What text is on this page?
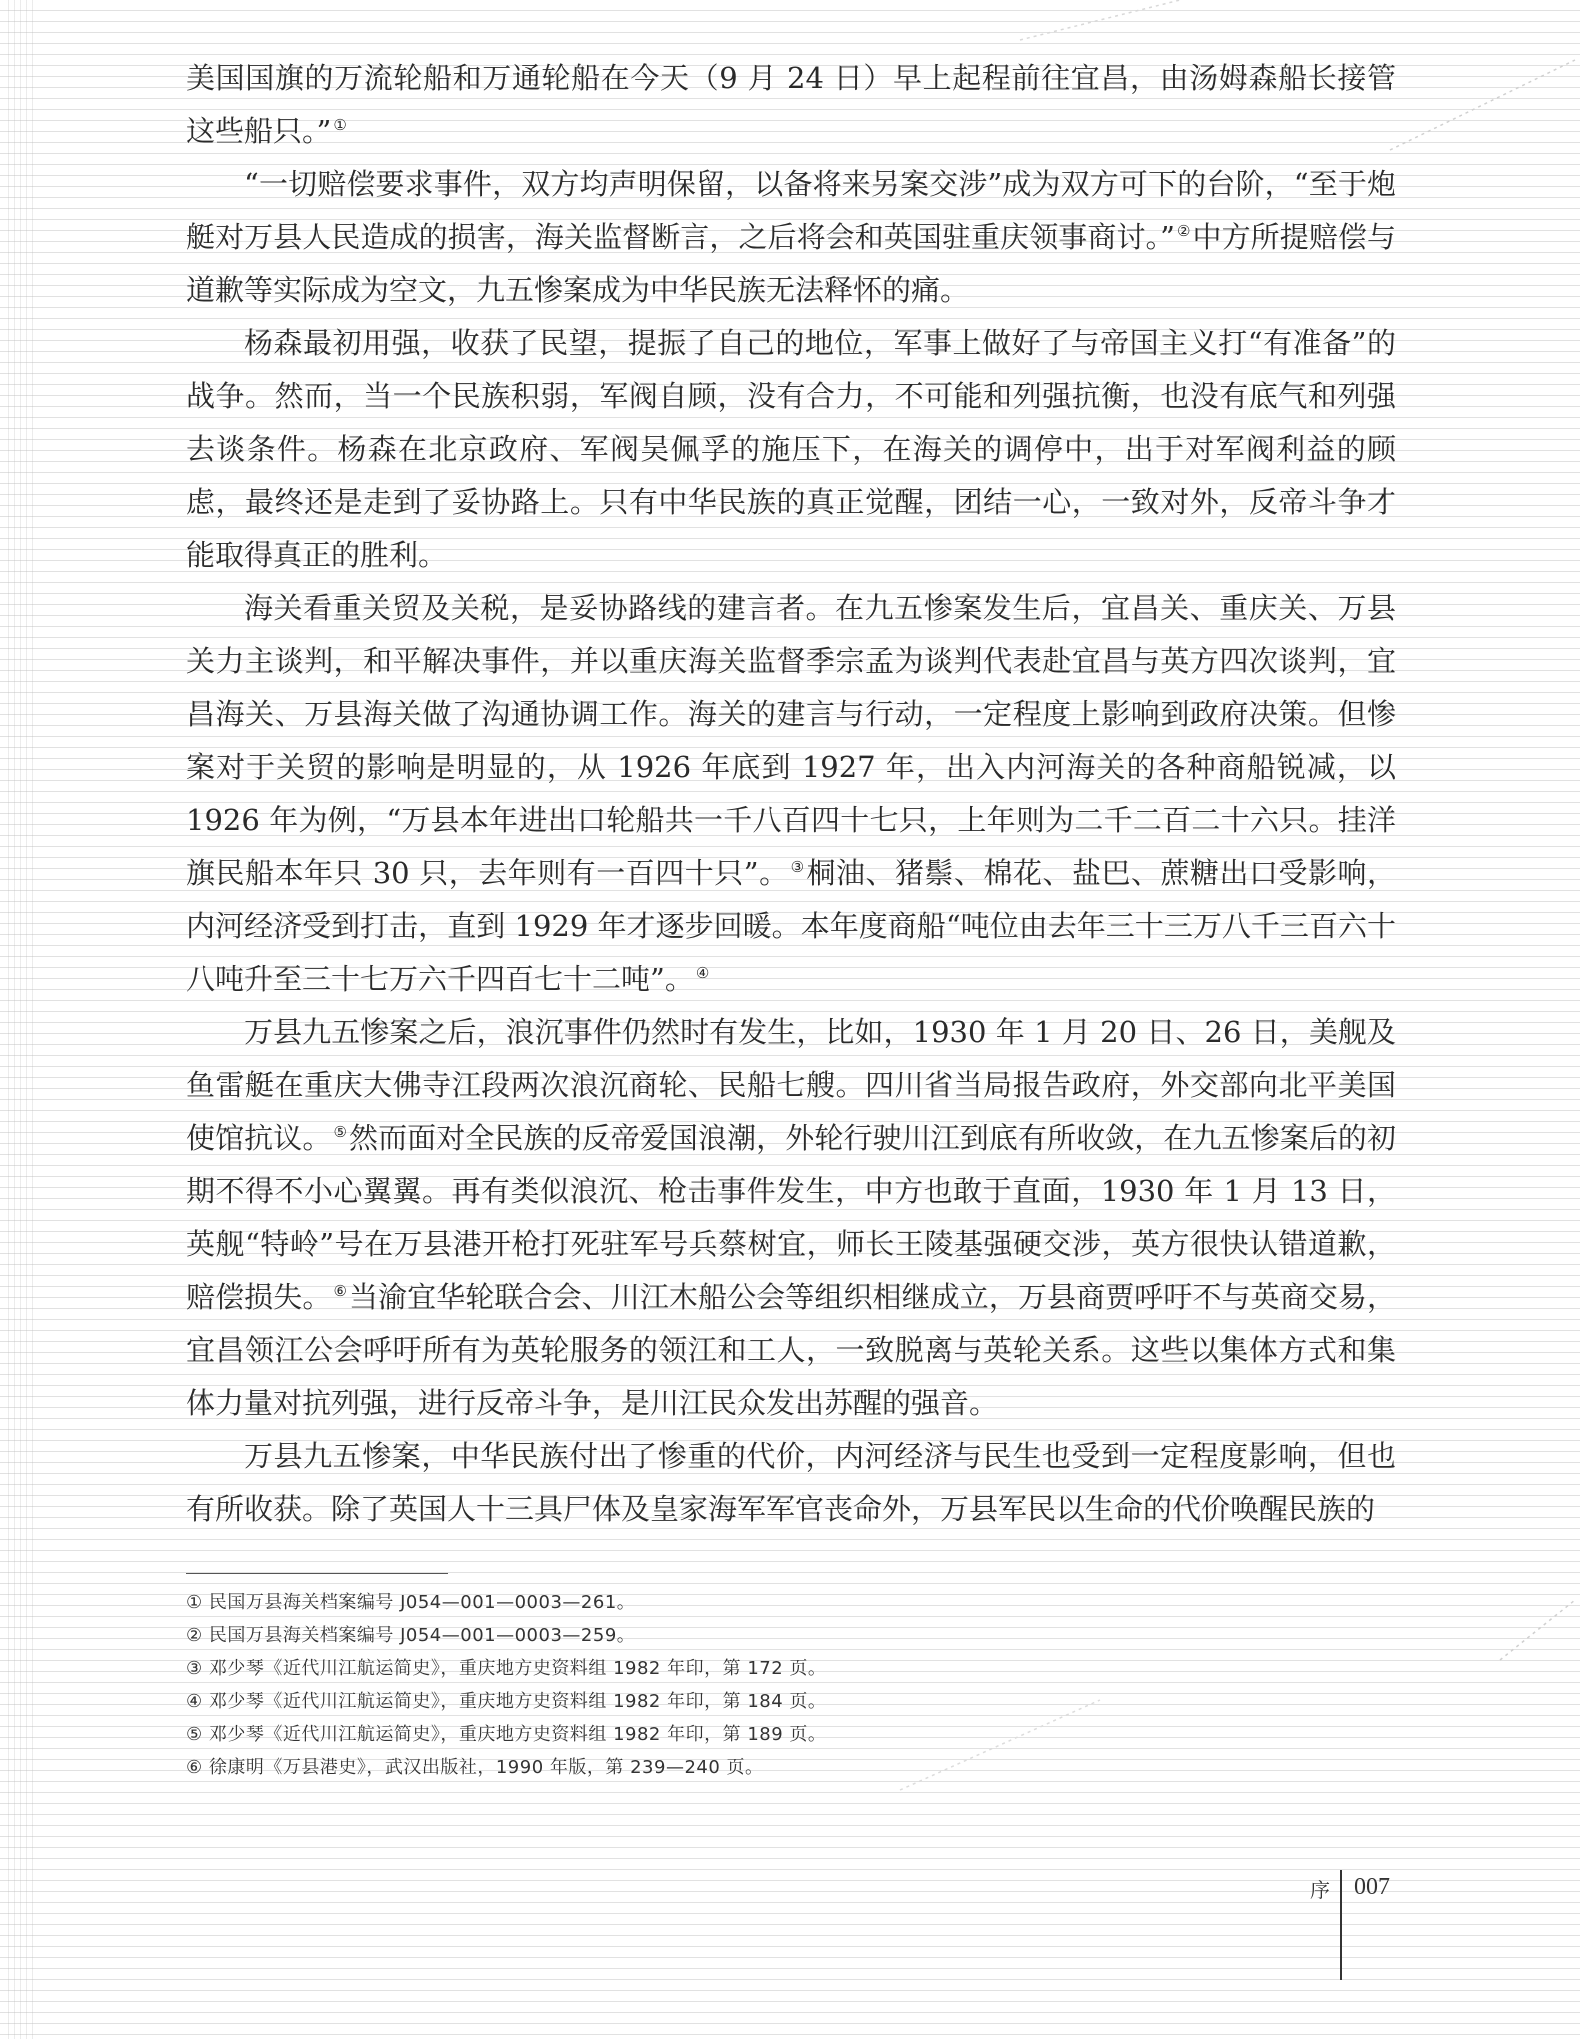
美国国旗的万流轮船和万通轮船在今天（9 月 24 日）早上起程前往宜昌，由汤姆森船长接管这些船只。” ①

“一切赔偿要求事件，双方均声明保留，以备将来另案交涉”成为双方可下的台阶，“至于炮艇对万县人民造成的损害，海关监督断言，之后将会和英国驻重庆领事商讨。” ②中方所提赔偿与道歉等实际成为空文，九五惨案成为中华民族无法释怀的痛。

杨森最初用强，收获了民望，提振了自己的地位，军事上做好了与帝国主义打“有准备”的战争。然而，当一个民族积弱，军阀自顾，没有合力，不可能和列强抗衡，也没有底气和列强去谈条件。杨森在北京政府、军阀吴佩孚的施压下，在海关的调停中，出于对军阀利益的顾虑，最终还是走到了妥协路上。只有中华民族的真正觉醒，团结一心，一致对外，反帝斗争才能取得真正的胜利。

海关看重关贸及关税，是妥协路线的建言者。在九五惨案发生后，宜昌关、重庆关、万县关力主谈判，和平解决事件，并以重庆海关监督季宗孟为谈判代表赴宜昌与英方四次谈判，宜昌海关、万县海关做了沟通协调工作。海关的建言与行动，一定程度上影响到政府决策。但惨案对于关贸的影响是明显的，从 1926 年底到 1927 年，出入内河海关的各种商船锐减，以 1926 年为例，“万县本年进出口轮船共一千八百四十七只，上年则为二千二百二十六只。挂洋旗民船本年只 30 只，去年则有一百四十只”。 ③桐油、猪鬃、棉花、盐巴、蔗糖出口受影响，内河经济受到打击，直到 1929 年才逐步回暖。本年度商船“吨位由去年三十三万八千三百六十八吨升至三十七万六千四百七十二吨”。 ④

万县九五惨案之后，浪沉事件仍然时有发生，比如，1930 年 1 月 20 日、26 日，美舰及鱼雷艇在重庆大佛寺江段两次浪沉商轮、民船七艘。四川省当局报告政府，外交部向北平美国使馆抗议。 ⑤然而面对全民族的反帝爱国浪潮，外轮行驶川江到底有所收敛，在九五惨案后的初期不得不小心翼翼。再有类似浪沉、枪击事件发生，中方也敢于直面，1930 年 1 月 13 日，英舰“特岭”号在万县港开枪打死驻军号兵蔡树宜，师长王陵基强硬交涉，英方很快认错道歉，赔偿损失。 ⑥当渝宜华轮联合会、川江木船公会等组织相继成立，万县商贾呼吁不与英商交易，宜昌领江公会呼吁所有为英轮服务的领江和工人，一致脱离与英轮关系。这些以集体方式和集体力量对抗列强，进行反帝斗争，是川江民众发出苏醒的强音。

万县九五惨案，中华民族付出了惨重的代价，内河经济与民生也受到一定程度影响，但也有所收获。除了英国人十三具尸体及皇家海军军官丧命外，万县军民以生命的代价唤醒民族的

① 民国万县海关档案编号 J054—001—0003—261。
② 民国万县海关档案编号 J054—001—0003—259。
③ 邓少琴《近代川江航运简史》，重庆地方史资料组 1982 年印，第 172 页。
④ 邓少琴《近代川江航运简史》，重庆地方史资料组 1982 年印，第 184 页。
⑤ 邓少琴《近代川江航运简史》，重庆地方史资料组 1982 年印，第 189 页。
⑥ 徐康明《万县港史》，武汉出版社，1990 年版，第 239—240 页。
序 007
